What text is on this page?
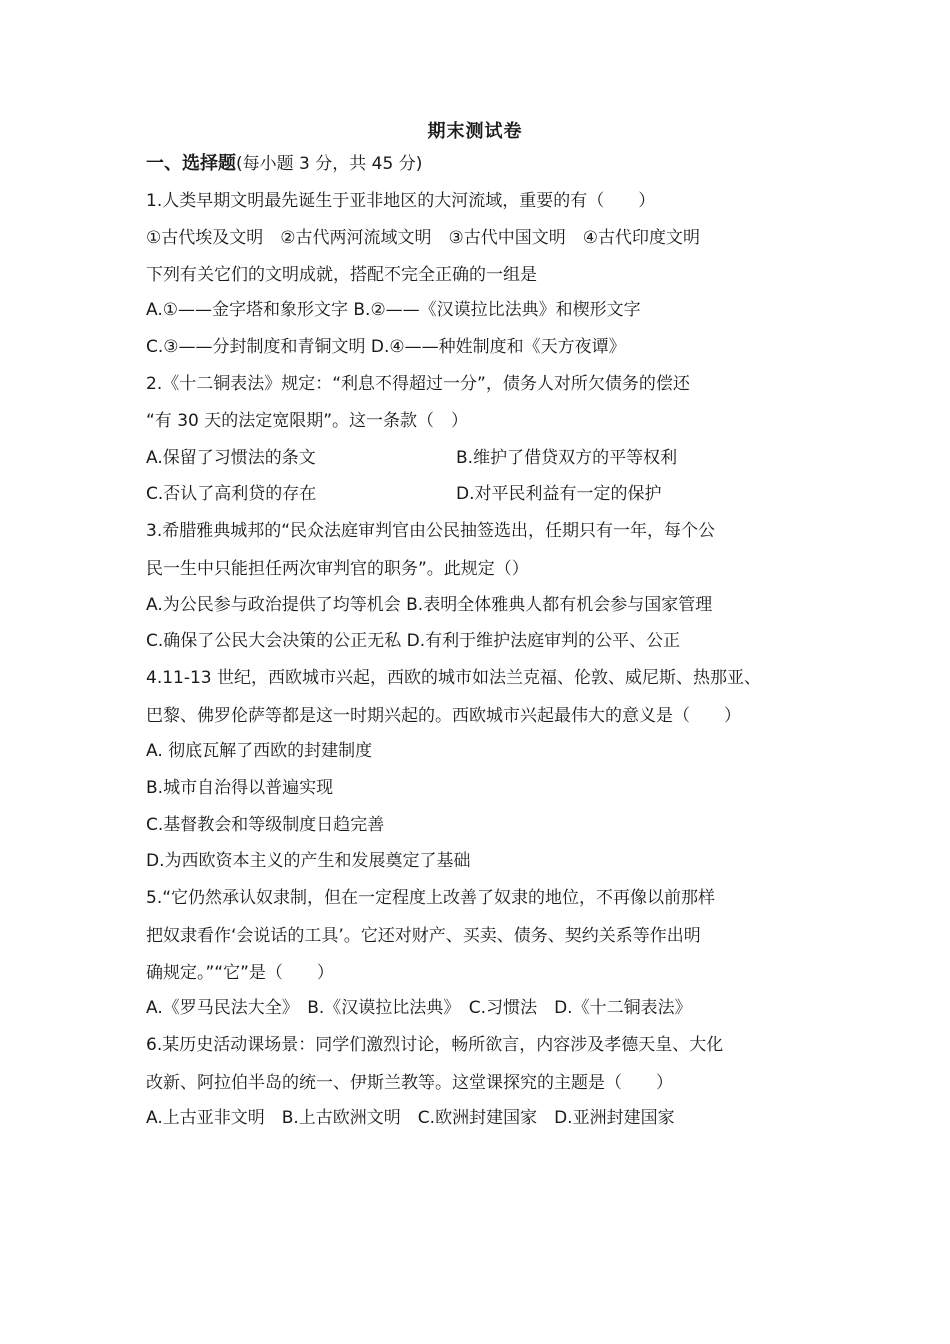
期末测试卷
一、选择题(每小题 3 分，共 45 分)
1.人类早期文明最先诞生于亚非地区的大河流域，重要的有（　　）
①古代埃及文明　②古代两河流域文明　③古代中国文明　④古代印度文明
下列有关它们的文明成就，搭配不完全正确的一组是
A.①——金字塔和象形文字 B.②——《汉谟拉比法典》和楔形文字
C.③——分封制度和青铜文明 D.④——种姓制度和《天方夜谭》
2.《十二铜表法》规定：“利息不得超过一分”，债务人对所欠债务的偿还
“有 30 天的法定宽限期”。这一条款（　）
A.保留了习惯法的条文	B.维护了借贷双方的平等权利
C.否认了高利贷的存在	D.对平民利益有一定的保护
3.希腊雅典城邦的“民众法庭审判官由公民抽签选出，任期只有一年，每个公
民一生中只能担任两次审判官的职务”。此规定（）
A.为公民参与政治提供了均等机会 B.表明全体雅典人都有机会参与国家管理
C.确保了公民大会决策的公正无私 D.有利于维护法庭审判的公平、公正
4.11-13 世纪，西欧城市兴起，西欧的城市如法兰克福、伦敦、威尼斯、热那亚、
巴黎、佛罗伦萨等都是这一时期兴起的。西欧城市兴起最伟大的意义是（　　）
A. 彻底瓦解了西欧的封建制度
B.城市自治得以普遍实现
C.基督教会和等级制度日趋完善
D.为西欧资本主义的产生和发展奠定了基础
5.“它仍然承认奴隶制，但在一定程度上改善了奴隶的地位，不再像以前那样
把奴隶看作‘会说话的工具’。它还对财产、买卖、债务、契约关系等作出明
确规定。”“它”是（　　）
A.《罗马民法大全》　B.《汉谟拉比法典》　C.习惯法　D.《十二铜表法》
6.某历史活动课场景：同学们激烈讨论，畅所欲言，内容涉及孝德天皇、大化
改新、阿拉伯半岛的统一、伊斯兰教等。这堂课探究的主题是（　　）
A.上古亚非文明　B.上古欧洲文明　C.欧洲封建国家　D.亚洲封建国家
